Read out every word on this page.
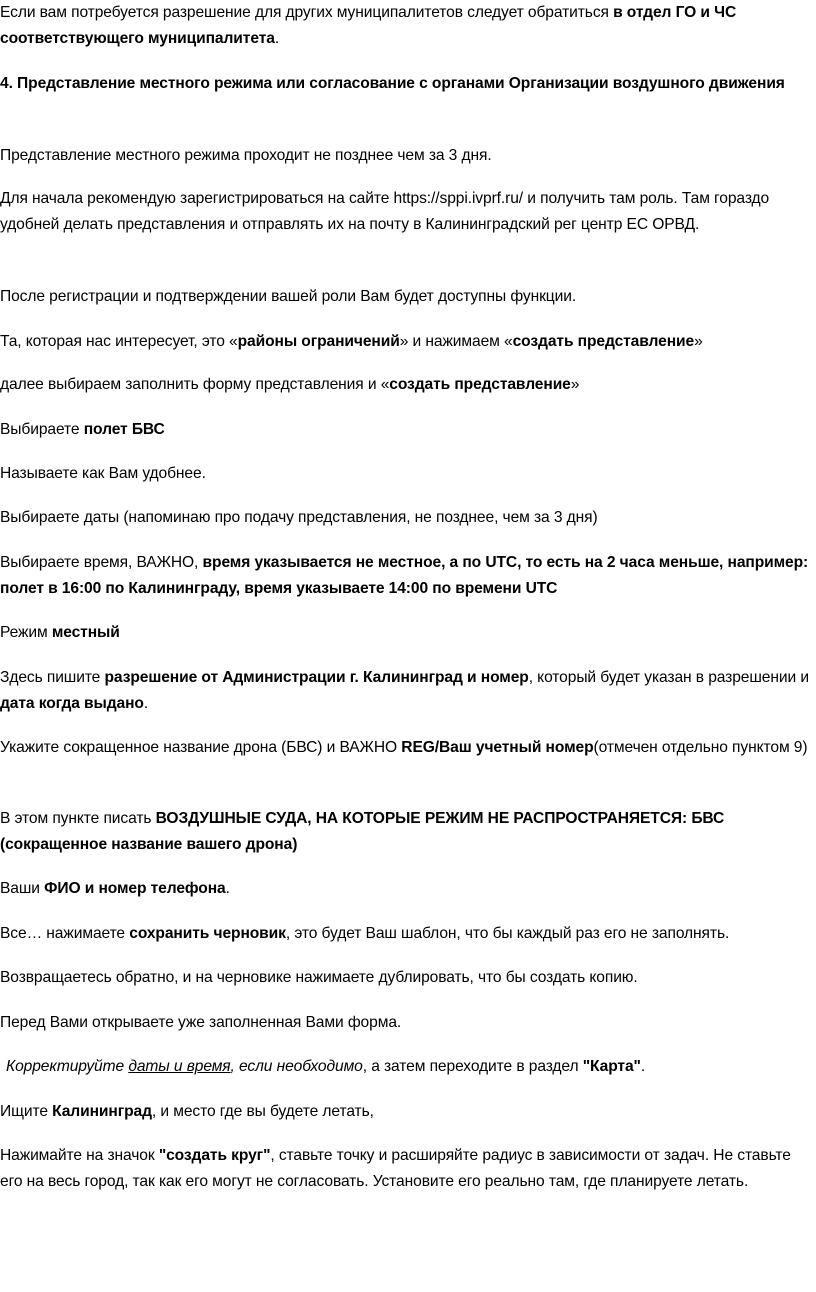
Если вам потребуется разрешение для других муниципалитетов следует обратиться в отдел ГО и ЧС соответствующего муниципалитета.

4. Представление местного режима или согласование с органами Организации воздушного движения

Представление местного режима проходит не позднее чем за 3 дня.

Для начала рекомендую зарегистрироваться на сайте https://sppi.ivprf.ru/ и получить там роль. Там гораздо удобней делать представления и отправлять их на почту в Калининградский рег центр ЕС ОРВД.

После регистрации и подтверждении вашей роли Вам будет доступны функции.

Та, которая нас интересует, это «районы ограничений» и нажимаем «создать представление»

далее выбираем заполнить форму представления и «создать представление»

Выбираете полет БВС

Называете как Вам удобнее.

Выбираете даты (напоминаю про подачу представления, не позднее, чем за 3 дня)

Выбираете время, ВАЖНО, время указывается не местное, а по UTC, то есть на 2 часа меньше, например: полет в 16:00 по Калининграду, время указываете 14:00 по времени UTC

Режим местный

Здесь пишите разрешение от Администрации г. Калининград и номер, который будет указан в разрешении и дата когда выдано.

Укажите сокращенное название дрона (БВС) и ВАЖНО REG/Ваш учетный номер(отмечен отдельно пунктом 9)

В этом пункте писать ВОЗДУШНЫЕ СУДА, НА КОТОРЫЕ РЕЖИМ НЕ РАСПРОСТРАНЯЕТСЯ: БВС (сокращенное название вашего дрона)

Ваши ФИО и номер телефона.

Все… нажимаете сохранить черновик, это будет Ваш шаблон, что бы каждый раз его не заполнять.

Возвращаетесь обратно, и на черновике нажимаете дублировать, что бы создать копию.

Перед Вами открываете уже заполненная Вами форма.

Корректируйте даты и время, если необходимо, а затем переходите в раздел "Карта".

Ищите Калининград, и место где вы будете летать,

Нажимайте на значок "создать круг", ставьте точку и расширяйте радиус в зависимости от задач. Не ставьте его на весь город, так как его могут не согласовать. Установите его реально там, где планируете летать.
